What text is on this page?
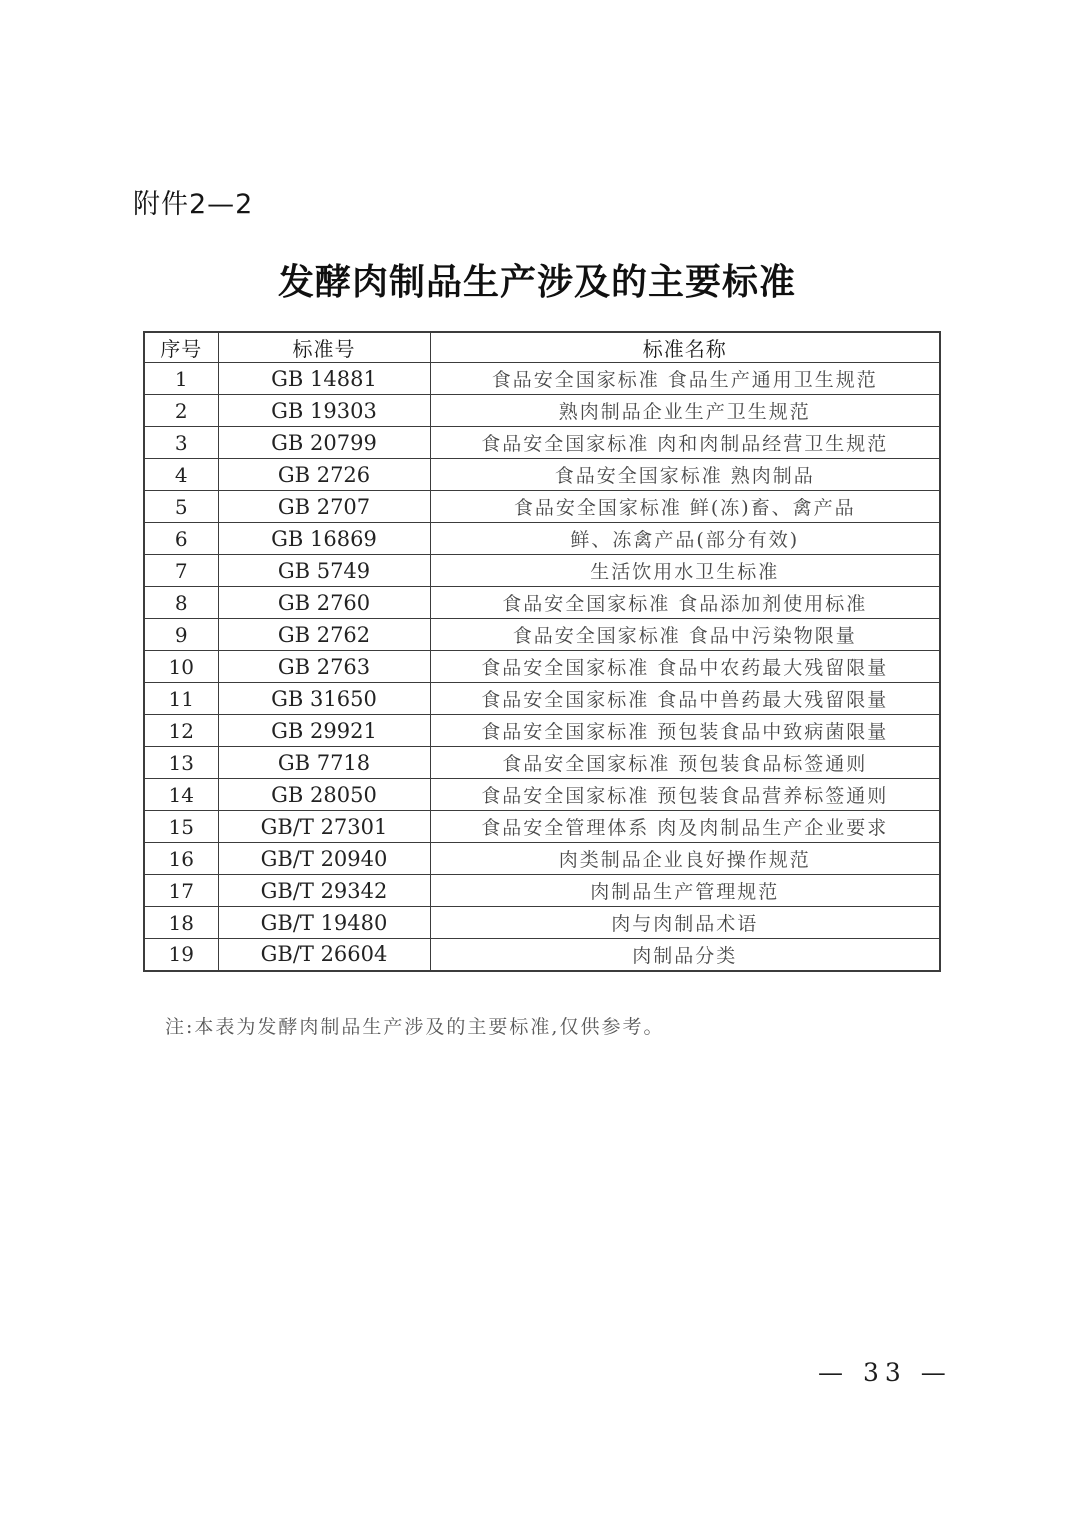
附件2—2
发酵肉制品生产涉及的主要标准
序号	标准号	标准名称
1	GB 14881	食品安全国家标准 食品生产通用卫生规范
2	GB 19303	熟肉制品企业生产卫生规范
3	GB 20799	食品安全国家标准 肉和肉制品经营卫生规范
4	GB 2726	食品安全国家标准 熟肉制品
5	GB 2707	食品安全国家标准 鲜(冻)畜、禽产品
6	GB 16869	鲜、冻禽产品(部分有效)
7	GB 5749	生活饮用水卫生标准
8	GB 2760	食品安全国家标准 食品添加剂使用标准
9	GB 2762	食品安全国家标准 食品中污染物限量
10	GB 2763	食品安全国家标准 食品中农药最大残留限量
11	GB 31650	食品安全国家标准 食品中兽药最大残留限量
12	GB 29921	食品安全国家标准 预包装食品中致病菌限量
13	GB 7718	食品安全国家标准 预包装食品标签通则
14	GB 28050	食品安全国家标准 预包装食品营养标签通则
15	GB/T 27301	食品安全管理体系 肉及肉制品生产企业要求
16	GB/T 20940	肉类制品企业良好操作规范
17	GB/T 29342	肉制品生产管理规范
18	GB/T 19480	肉与肉制品术语
19	GB/T 26604	肉制品分类
注:本表为发酵肉制品生产涉及的主要标准,仅供参考。
— 33 —
